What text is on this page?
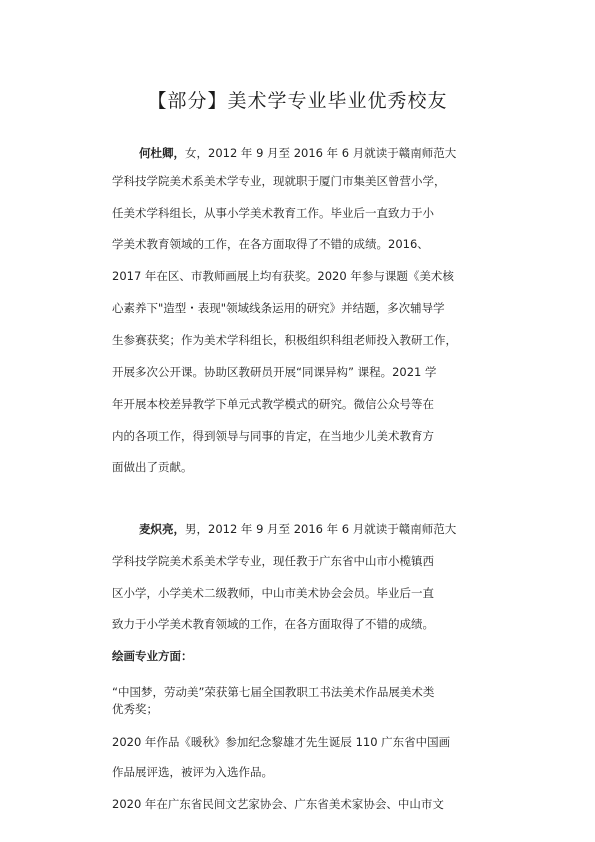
【部分】美术学专业毕业优秀校友
何杜卿，女，2012 年 9 月至 2016 年 6 月就读于赣南师范大
学科技学院美术系美术学专业，现就职于厦门市集美区曾营小学，
任美术学科组长，从事小学美术教育工作。毕业后一直致力于小
学美术教育领域的工作，在各方面取得了不错的成绩。2016、
2017 年在区、市教师画展上均有获奖。2020 年参与课题《美术核
心素养下"造型・表现"领域线条运用的研究》并结题，多次辅导学
生参赛获奖；作为美术学科组长，积极组织科组老师投入教研工作，
开展多次公开课。协助区教研员开展“同课异构” 课程。2021 学
年开展本校差异教学下单元式教学模式的研究。微信公众号等在
内的各项工作，得到领导与同事的肯定，在当地少儿美术教育方
面做出了贡献。
麦炽亮，男，2012 年 9 月至 2016 年 6 月就读于赣南师范大
学科技学院美术系美术学专业，现任教于广东省中山市小榄镇西
区小学，小学美术二级教师，中山市美术协会会员。毕业后一直
致力于小学美术教育领域的工作，在各方面取得了不错的成绩。
绘画专业方面：
“中国梦，劳动美”荣获第七届全国教职工书法美术作品展美术类
优秀奖；
2020 年作品《暖秋》参加纪念黎雄才先生诞辰 110 广东省中国画
作品展评选，被评为入选作品。
2020 年在广东省民间文艺家协会、广东省美术家协会、中山市文
